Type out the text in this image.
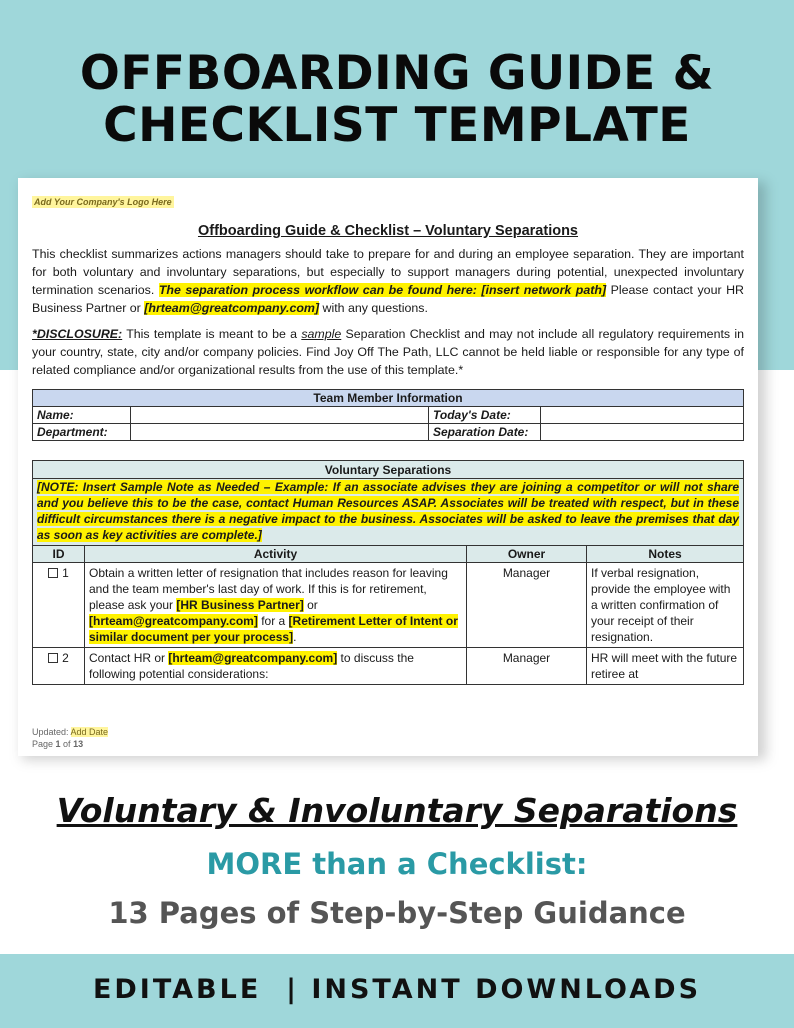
OFFBOARDING GUIDE &
CHECKLIST TEMPLATE
Add Your Company's Logo Here
Offboarding Guide & Checklist – Voluntary Separations

This checklist summarizes actions managers should take to prepare for and during an employee separation. They are important for both voluntary and involuntary separations, but especially to support managers during potential, unexpected involuntary termination scenarios. The separation process workflow can be found here: [insert network path] Please contact your HR Business Partner or [hrteam@greatcompany.com] with any questions.

*DISCLOSURE: This template is meant to be a sample Separation Checklist and may not include all regulatory requirements in your country, state, city and/or company policies. Find Joy Off The Path, LLC cannot be held liable or responsible for any type of related compliance and/or organizational results from the use of this template.*

Team Member Information			
Name:		Today's Date:	
Department:		Separation Date:	
Voluntary Separations			
[NOTE: Insert Sample Note as Needed – Example: If an associate advises they are joining a competitor or will not share and you believe this to be the case, contact Human Resources ASAP. Associates will be treated with respect, but in these difficult circumstances there is a negative impact to the business. Associates will be asked to leave the premises that day as soon as key activities are complete.]			
ID	Activity	Owner	Notes
1	Obtain a written letter of resignation that includes reason for leaving and the team member's last day of work. If this is for retirement, please ask your [HR Business Partner] or [hrteam@greatcompany.com] for a [Retirement Letter of Intent or similar document per your process].	Manager	If verbal resignation, provide the employee with a written confirmation of your receipt of their resignation.
2	Contact HR or [hrteam@greatcompany.com] to discuss the following potential considerations:	Manager	HR will meet with the future retiree at
Updated: Add Date
Page 1 of 13
Voluntary & Involuntary Separations
MORE than a Checklist:
13 Pages of Step-by-Step Guidance
EDITABLE  | INSTANT DOWNLOADS
